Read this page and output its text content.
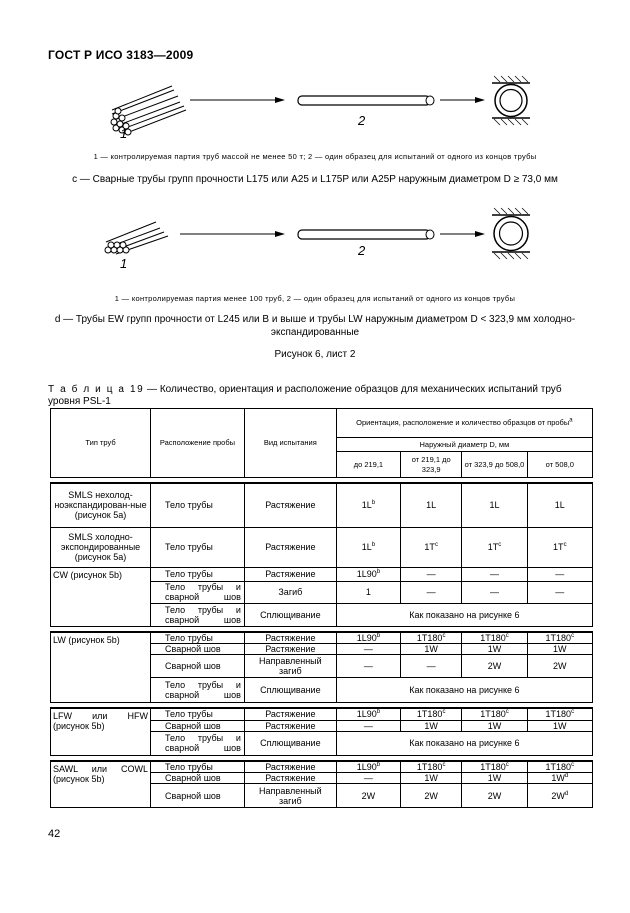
ГОСТ Р ИСО 3183—2009
1
2
1 — контролируемая партия труб массой не менее 50 т; 2 — один образец для испытаний от одного из концов трубы
c — Сварные трубы групп прочности L175 или A25 и L175P или A25P наружным диаметром D ≥ 73,0 мм
1
2
1 — контролируемая партия менее 100 труб, 2 — один образец для испытаний от одного из концов трубы
d — Трубы EW групп прочности от L245 или B и выше и трубы LW наружным диаметром D < 323,9 мм холодно-
экспандированные
Рисунок 6, лист 2
Т а б л и ц а 19 — Количество, ориентация и расположение образцов для механических испытаний труб уровня PSL-1
Тип труб	Расположение пробы	Вид испытания	Ориентация, расположение и количество образцов от пробы$^a$
			Наружный диаметр D, мм			
			до 219,1	от 219,1 до 323,9	от 323,9 до 508,0	от 508,0

SMLS нехолод-ноэкспандирован-ные (рисунок 5а)	Тело трубы	Растяжение	$1L^b$	1L	1L	1L
SMLS холодно-экспондированные (рисунок 5а)	Тело трубы	Растяжение	$1L^b$	$1T^c$	$1T^c$	$1T^c$
CW (рисунок 5b)	Тело трубы	Растяжение	1L90$^b$	—	—	—
	Тело трубы и сварной шов	Загиб	1	—	—	—
	Тело трубы и сварной шов	Сплющивание	Как показано на рисунке 6			

LW (рисунок 5b)	Тело трубы	Растяжение	1L90$^b$	1T180$^c$	1T180$^c$	1T180$^c$
	Сварной шов	Растяжение	—	1W	1W	1W
	Сварной шов	Направленный загиб	—	—	2W	2W
	Тело трубы и сварной шов	Сплющивание	Как показано на рисунке 6			

LFW или HFW (рисунок 5b)	Тело трубы	Растяжение	1L90$^b$	1T180$^c$	1T180$^c$	1T180$^c$
	Сварной шов	Растяжение	—	1W	1W	1W
	Тело трубы и сварной шов	Сплющивание	Как показано на рисунке 6			

SAWL или COWL (рисунок 5b)	Тело трубы	Растяжение	1L90$^b$	1T180$^c$	1T180$^c$	1T180$^c$
	Сварной шов	Растяжение	—	1W	1W	$1W^d$
	Сварной шов	Направленный загиб	2W	2W	2W	$2W^d$
42
